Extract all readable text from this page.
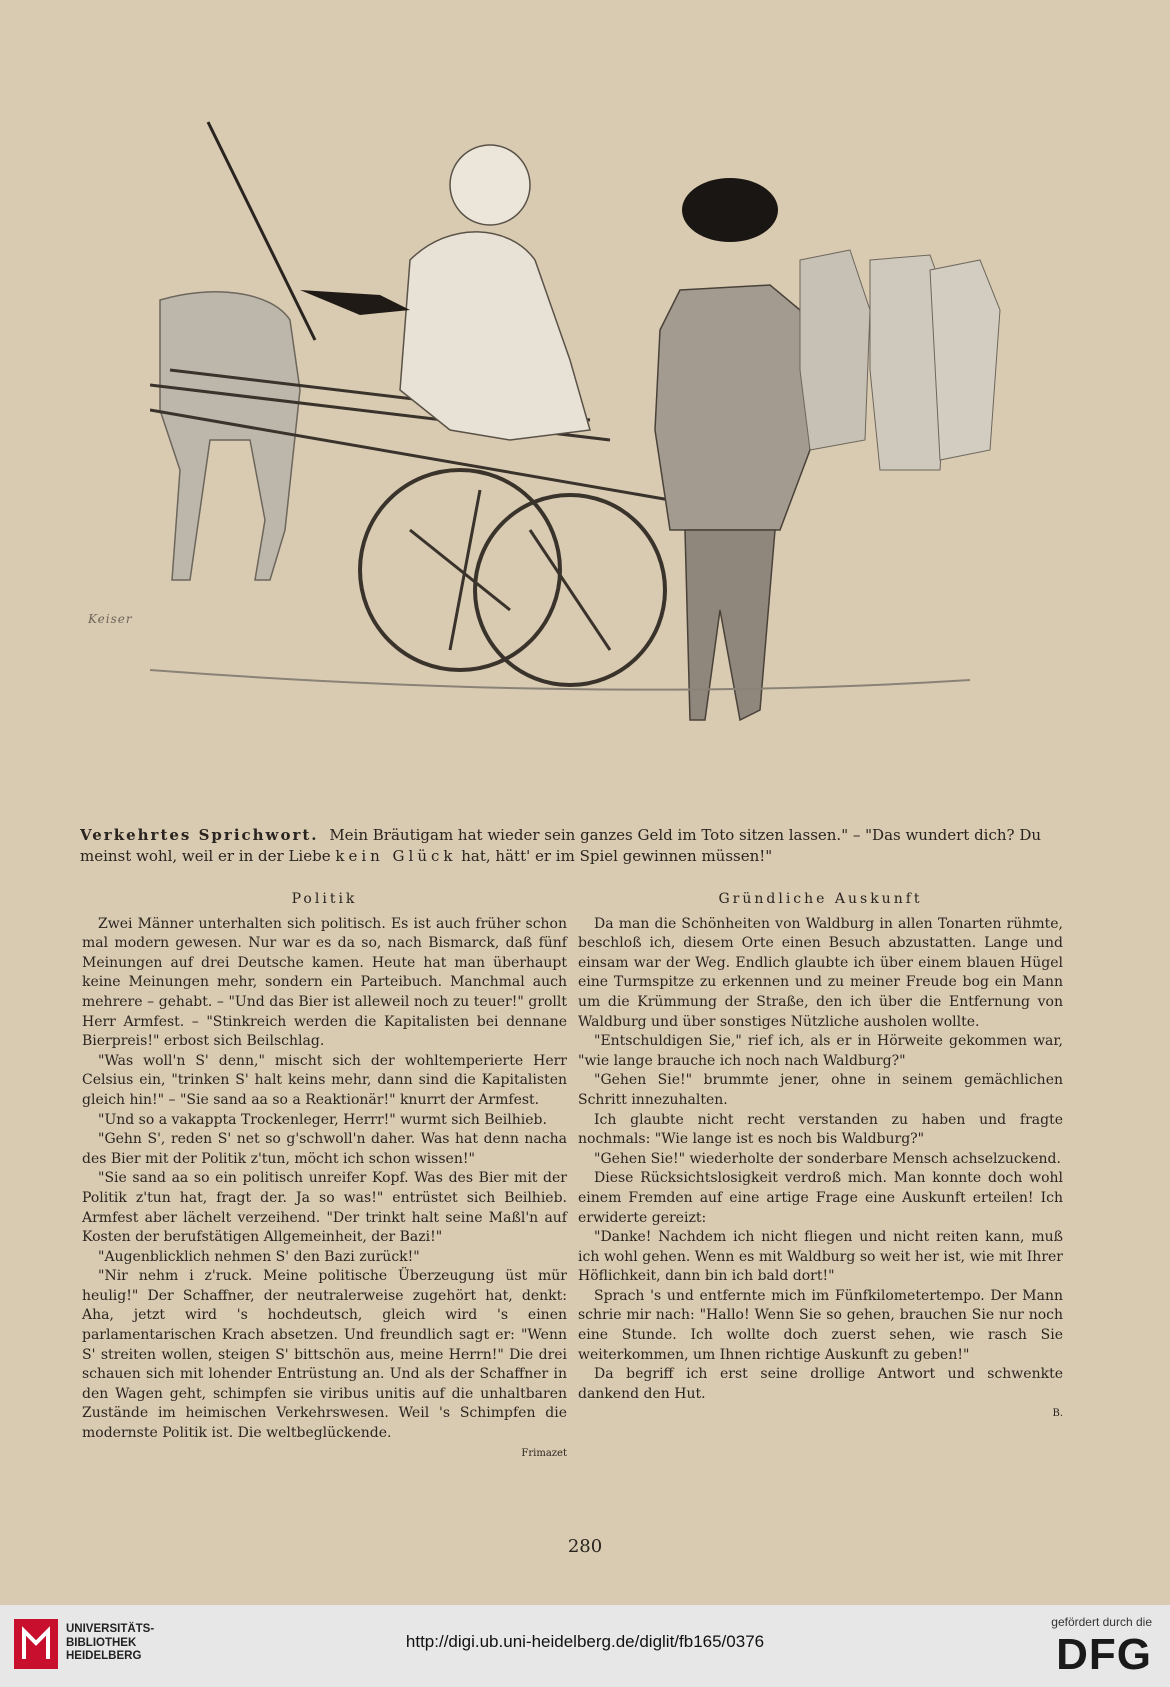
Keiser
Verkehrtes Sprichwort. Mein Bräutigam hat wieder sein ganzes Geld im Toto sitzen lassen." – "Das wundert dich? Du meinst wohl, weil er in der Liebe kein Glück hat, hätt' er im Spiel gewinnen müssen!"
Politik

Zwei Männer unterhalten sich politisch. Es ist auch früher schon mal modern gewesen. Nur war es da so, nach Bismarck, daß fünf Meinungen auf drei Deutsche kamen. Heute hat man überhaupt keine Meinungen mehr, sondern ein Parteibuch. Manchmal auch mehrere – gehabt. – "Und das Bier ist alleweil noch zu teuer!" grollt Herr Armfest. – "Stinkreich werden die Kapitalisten bei dennane Bierpreis!" erbost sich Beilschlag.

"Was woll'n S' denn," mischt sich der wohltemperierte Herr Celsius ein, "trinken S' halt keins mehr, dann sind die Kapitalisten gleich hin!" – "Sie sand aa so a Reaktionär!" knurrt der Armfest.

"Und so a vakappta Trockenleger, Herrr!" wurmt sich Beilhieb.

"Gehn S', reden S' net so g'schwoll'n daher. Was hat denn nacha des Bier mit der Politik z'tun, möcht ich schon wissen!"

"Sie sand aa so ein politisch unreifer Kopf. Was des Bier mit der Politik z'tun hat, fragt der. Ja so was!" entrüstet sich Beilhieb. Armfest aber lächelt verzeihend. "Der trinkt halt seine Maßl'n auf Kosten der berufstätigen Allgemeinheit, der Bazi!"

"Augenblicklich nehmen S' den Bazi zurück!"

"Nir nehm i z'ruck. Meine politische Überzeugung üst mür heulig!" Der Schaffner, der neutralerweise zugehört hat, denkt: Aha, jetzt wird 's hochdeutsch, gleich wird 's einen parlamentarischen Krach absetzen. Und freundlich sagt er: "Wenn S' streiten wollen, steigen S' bittschön aus, meine Herrn!" Die drei schauen sich mit lohender Entrüstung an. Und als der Schaffner in den Wagen geht, schimpfen sie viribus unitis auf die unhaltbaren Zustände im heimischen Verkehrswesen. Weil 's Schimpfen die modernste Politik ist. Die weltbeglückende.

Frimazet
Gründliche Auskunft

Da man die Schönheiten von Waldburg in allen Tonarten rühmte, beschloß ich, diesem Orte einen Besuch abzustatten. Lange und einsam war der Weg. Endlich glaubte ich über einem blauen Hügel eine Turmspitze zu erkennen und zu meiner Freude bog ein Mann um die Krümmung der Straße, den ich über die Entfernung von Waldburg und über sonstiges Nützliche ausholen wollte.

"Entschuldigen Sie," rief ich, als er in Hörweite gekommen war, "wie lange brauche ich noch nach Waldburg?"

"Gehen Sie!" brummte jener, ohne in seinem gemächlichen Schritt innezuhalten.

Ich glaubte nicht recht verstanden zu haben und fragte nochmals: "Wie lange ist es noch bis Waldburg?"

"Gehen Sie!" wiederholte der sonderbare Mensch achselzuckend.

Diese Rücksichtslosigkeit verdroß mich. Man konnte doch wohl einem Fremden auf eine artige Frage eine Auskunft erteilen! Ich erwiderte gereizt:

"Danke! Nachdem ich nicht fliegen und nicht reiten kann, muß ich wohl gehen. Wenn es mit Waldburg so weit her ist, wie mit Ihrer Höflichkeit, dann bin ich bald dort!"

Sprach 's und entfernte mich im Fünfkilometertempo. Der Mann schrie mir nach: "Hallo! Wenn Sie so gehen, brauchen Sie nur noch eine Stunde. Ich wollte doch zuerst sehen, wie rasch Sie weiterkommen, um Ihnen richtige Auskunft zu geben!"

Da begriff ich erst seine drollige Antwort und schwenkte dankend den Hut.

B.
280
UNIVERSITÄTS-
BIBLIOTHEK
HEIDELBERG
http://digi.ub.uni-heidelberg.de/diglit/fb165/0376
gefördert durch die
DFG
